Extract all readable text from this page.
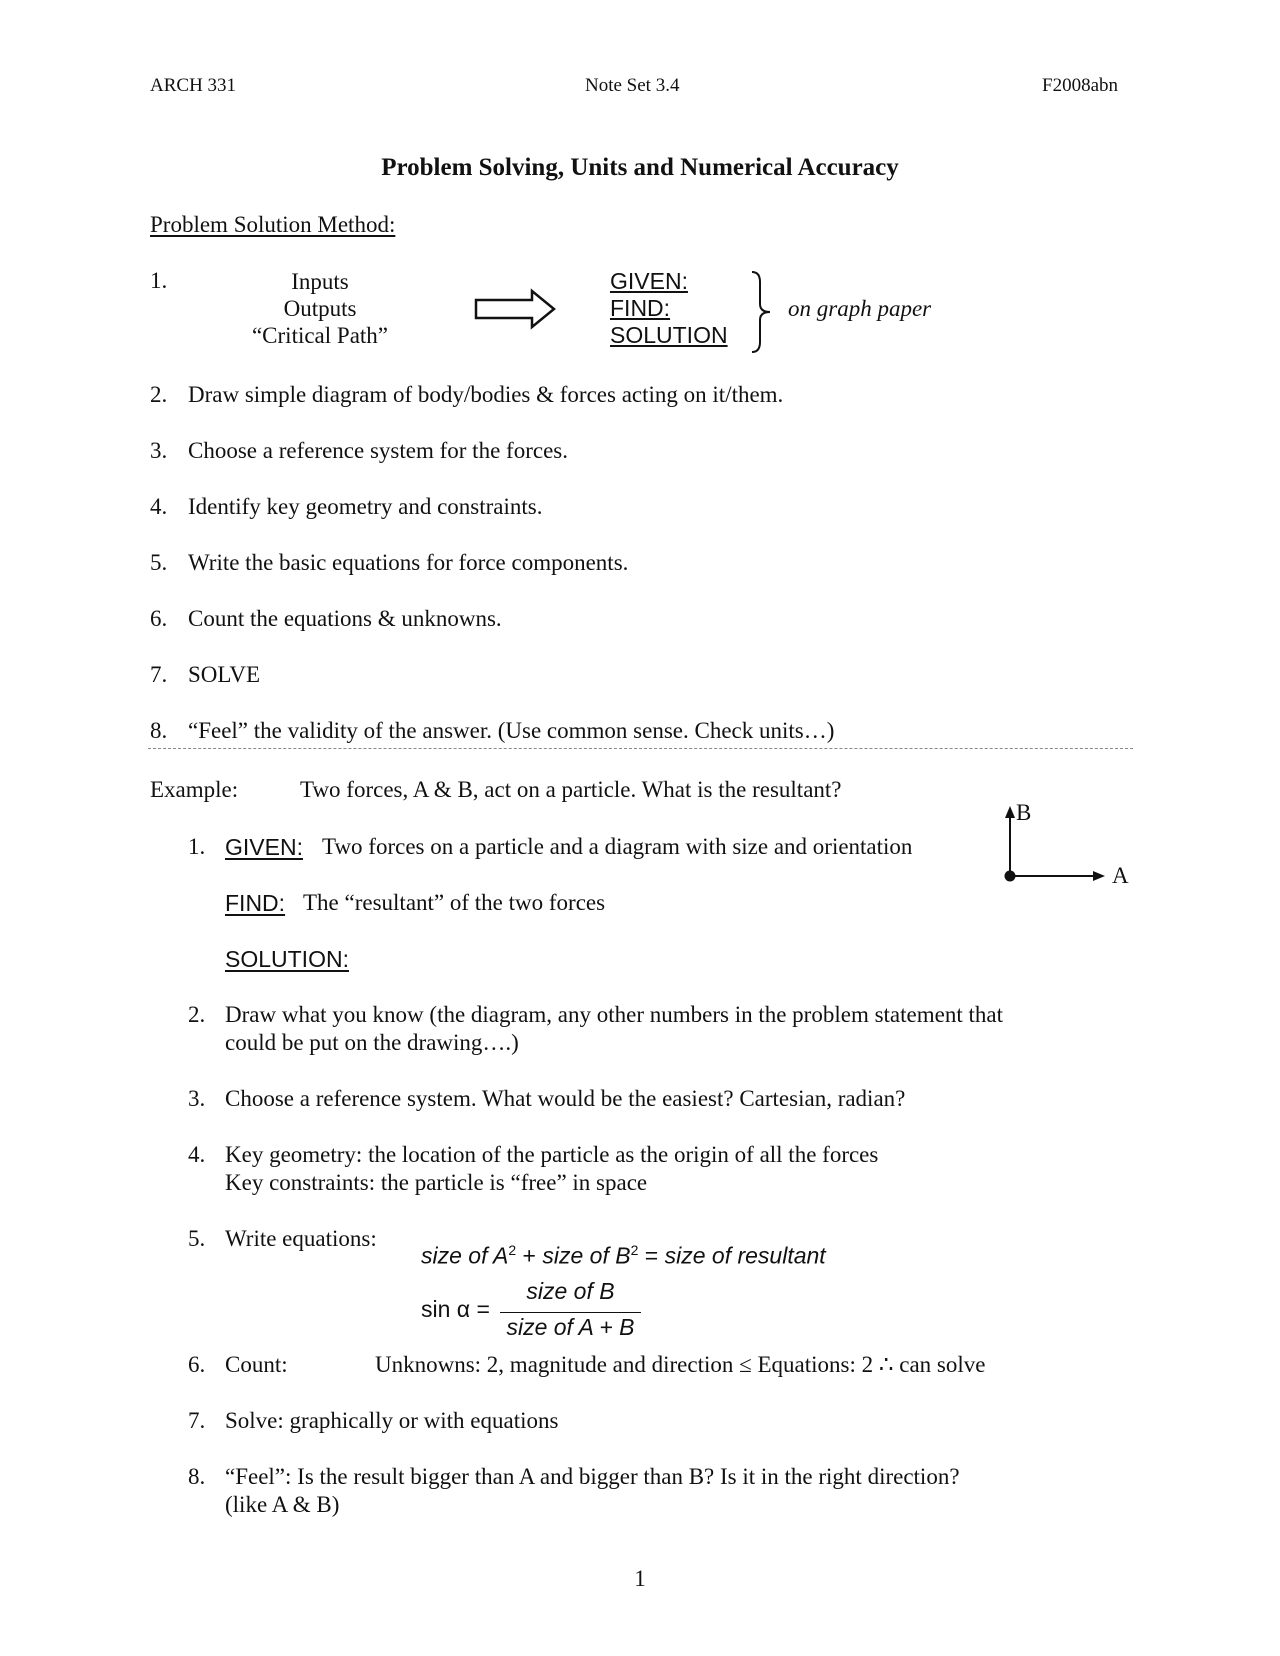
ARCH 331	Note Set 3.4	F2008abn
Problem Solving, Units and Numerical Accuracy
Problem Solution Method:
1.	Inputs
Outputs
“Critical Path”
GIVEN:
FIND:
SOLUTION
on graph paper
2. Draw simple diagram of body/bodies & forces acting on it/them.
3. Choose a reference system for the forces.
4. Identify key geometry and constraints.
5. Write the basic equations for force components.
6. Count the equations & unknowns.
7. SOLVE
8. “Feel” the validity of the answer. (Use common sense. Check units…)
Example:	Two forces, A & B, act on a particle. What is the resultant?
B
A
1. GIVEN: Two forces on a particle and a diagram with size and orientation
FIND: The “resultant” of the two forces
SOLUTION:
2. Draw what you know (the diagram, any other numbers in the problem statement that
could be put on the drawing….)
3. Choose a reference system. What would be the easiest? Cartesian, radian?
4. Key geometry: the location of the particle as the origin of all the forces
Key constraints: the particle is “free” in space
5. Write equations:
size of $A^2$ + size of $B^2$ = size of resultant
sin α =
size of B
size of A + B
6. Count:	Unknowns: 2, magnitude and direction ≤ Equations: 2 ∴ can solve
7. Solve: graphically or with equations
8. “Feel”: Is the result bigger than A and bigger than B? Is it in the right direction?
(like A & B)
1
